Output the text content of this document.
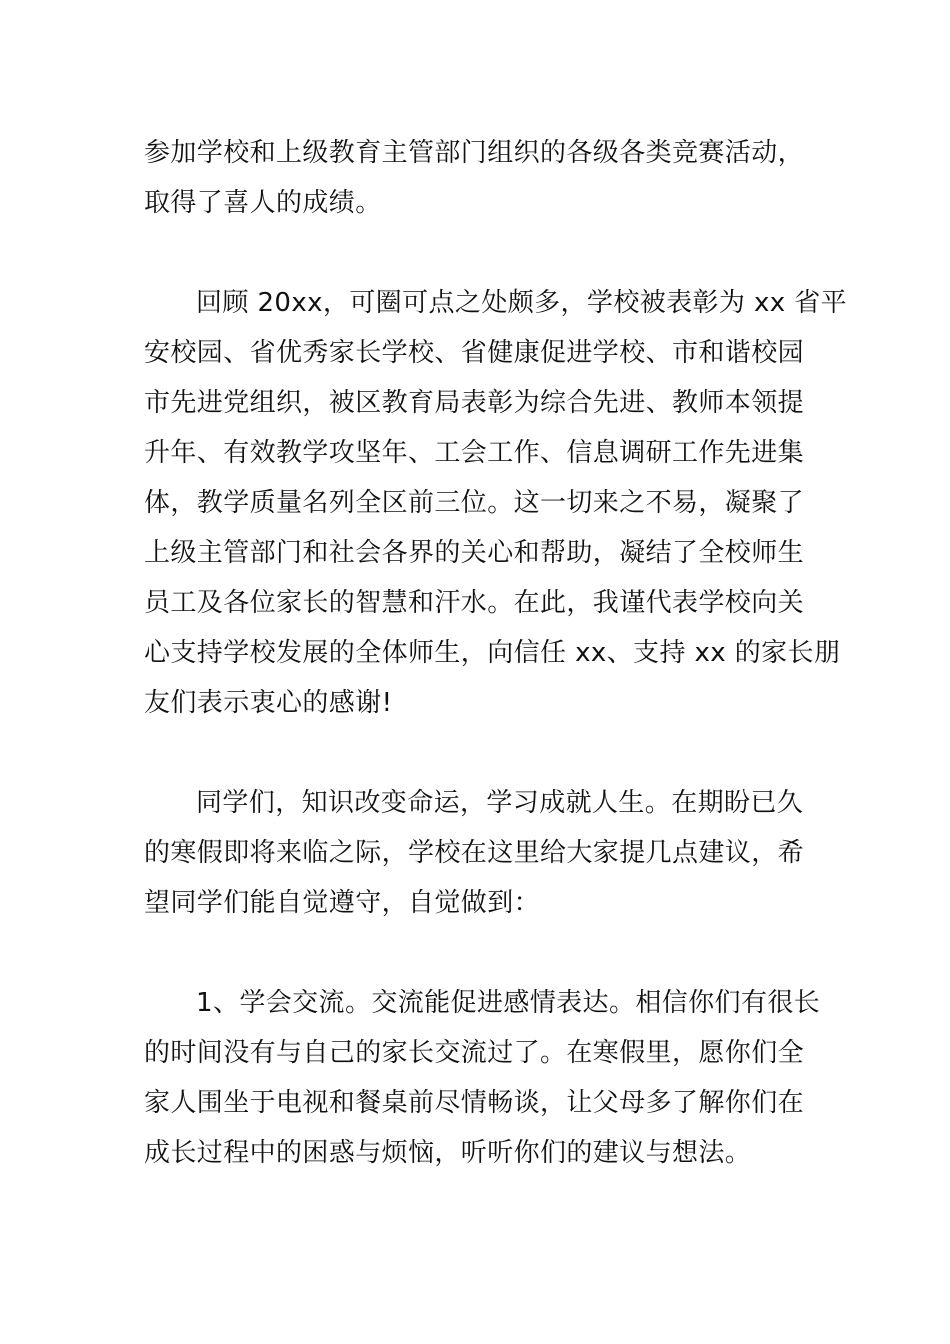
参加学校和上级教育主管部门组织的各级各类竞赛活动，
取得了喜人的成绩。
回顾 20xx，可圈可点之处颇多，学校被表彰为 xx 省平
安校园、省优秀家长学校、省健康促进学校、市和谐校园
市先进党组织，被区教育局表彰为综合先进、教师本领提
升年、有效教学攻坚年、工会工作、信息调研工作先进集
体，教学质量名列全区前三位。这一切来之不易，凝聚了
上级主管部门和社会各界的关心和帮助，凝结了全校师生
员工及各位家长的智慧和汗水。在此，我谨代表学校向关
心支持学校发展的全体师生，向信任 xx、支持 xx 的家长朋
友们表示衷心的感谢!
同学们，知识改变命运，学习成就人生。在期盼已久
的寒假即将来临之际，学校在这里给大家提几点建议，希
望同学们能自觉遵守，自觉做到：
1、学会交流。交流能促进感情表达。相信你们有很长
的时间没有与自己的家长交流过了。在寒假里，愿你们全
家人围坐于电视和餐桌前尽情畅谈，让父母多了解你们在
成长过程中的困惑与烦恼，听听你们的建议与想法。
